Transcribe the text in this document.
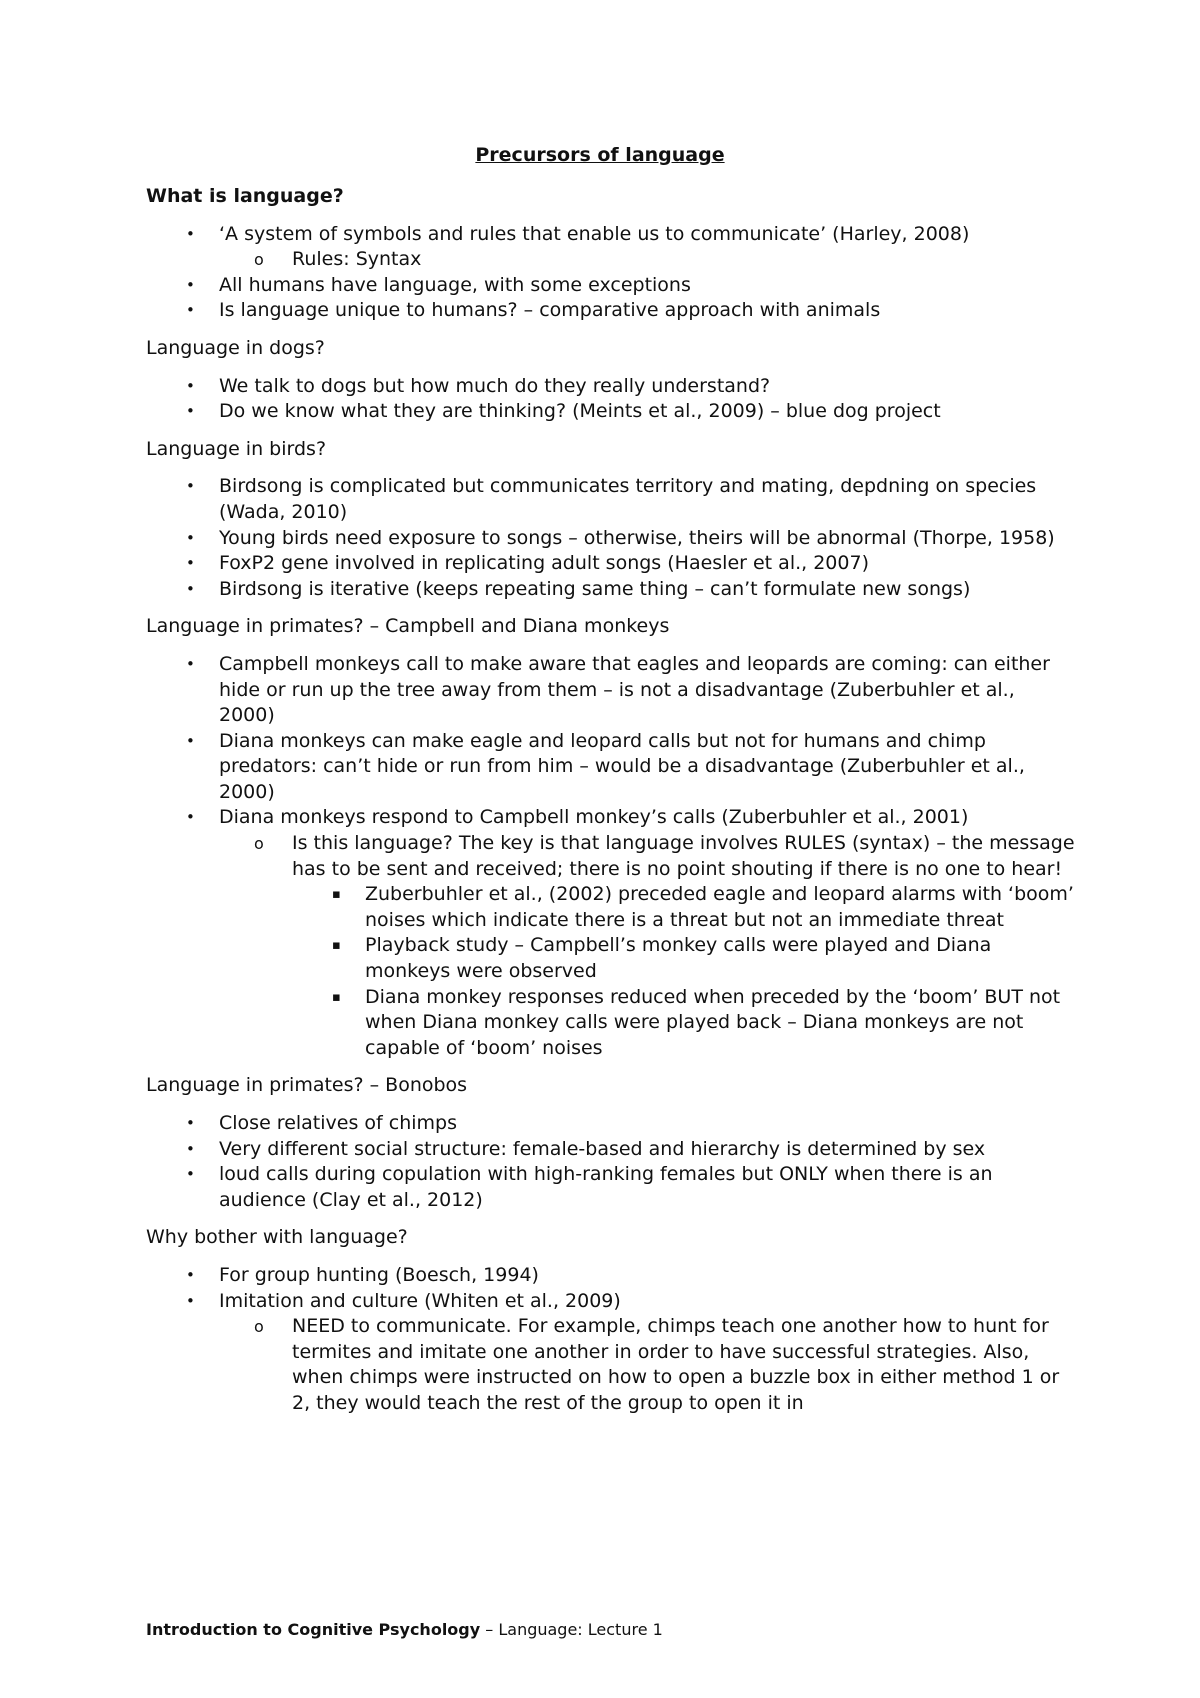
Precursors of language

What is language?

• ‘A system of symbols and rules that enable us to communicate’ (Harley, 2008)
o Rules: Syntax
• All humans have language, with some exceptions
• Is language unique to humans? – comparative approach with animals

Language in dogs?

• We talk to dogs but how much do they really understand?
• Do we know what they are thinking? (Meints et al., 2009) – blue dog project

Language in birds?

• Birdsong is complicated but communicates territory and mating, depdning on species (Wada, 2010)
• Young birds need exposure to songs – otherwise, theirs will be abnormal (Thorpe, 1958)
• FoxP2 gene involved in replicating adult songs (Haesler et al., 2007)
• Birdsong is iterative (keeps repeating same thing – can’t formulate new songs)

Language in primates? – Campbell and Diana monkeys

• Campbell monkeys call to make aware that eagles and leopards are coming: can either hide or run up the tree away from them – is not a disadvantage (Zuberbuhler et al., 2000)
• Diana monkeys can make eagle and leopard calls but not for humans and chimp predators: can’t hide or run from him – would be a disadvantage (Zuberbuhler et al., 2000)
• Diana monkeys respond to Campbell monkey’s calls (Zuberbuhler et al., 2001)
o Is this language? The key is that language involves RULES (syntax) – the message has to be sent and received; there is no point shouting if there is no one to hear!
▪ Zuberbuhler et al., (2002) preceded eagle and leopard alarms with ‘boom’ noises which indicate there is a threat but not an immediate threat
▪ Playback study – Campbell’s monkey calls were played and Diana monkeys were observed
▪ Diana monkey responses reduced when preceded by the ‘boom’ BUT not when Diana monkey calls were played back – Diana monkeys are not capable of ‘boom’ noises

Language in primates? – Bonobos

• Close relatives of chimps
• Very different social structure: female-based and hierarchy is determined by sex
• loud calls during copulation with high-ranking females but ONLY when there is an audience (Clay et al., 2012)

Why bother with language?

• For group hunting (Boesch, 1994)
• Imitation and culture (Whiten et al., 2009)
o NEED to communicate. For example, chimps teach one another how to hunt for termites and imitate one another in order to have successful strategies. Also, when chimps were instructed on how to open a buzzle box in either method 1 or 2, they would teach the rest of the group to open it in
Introduction to Cognitive Psychology – Language: Lecture 1
